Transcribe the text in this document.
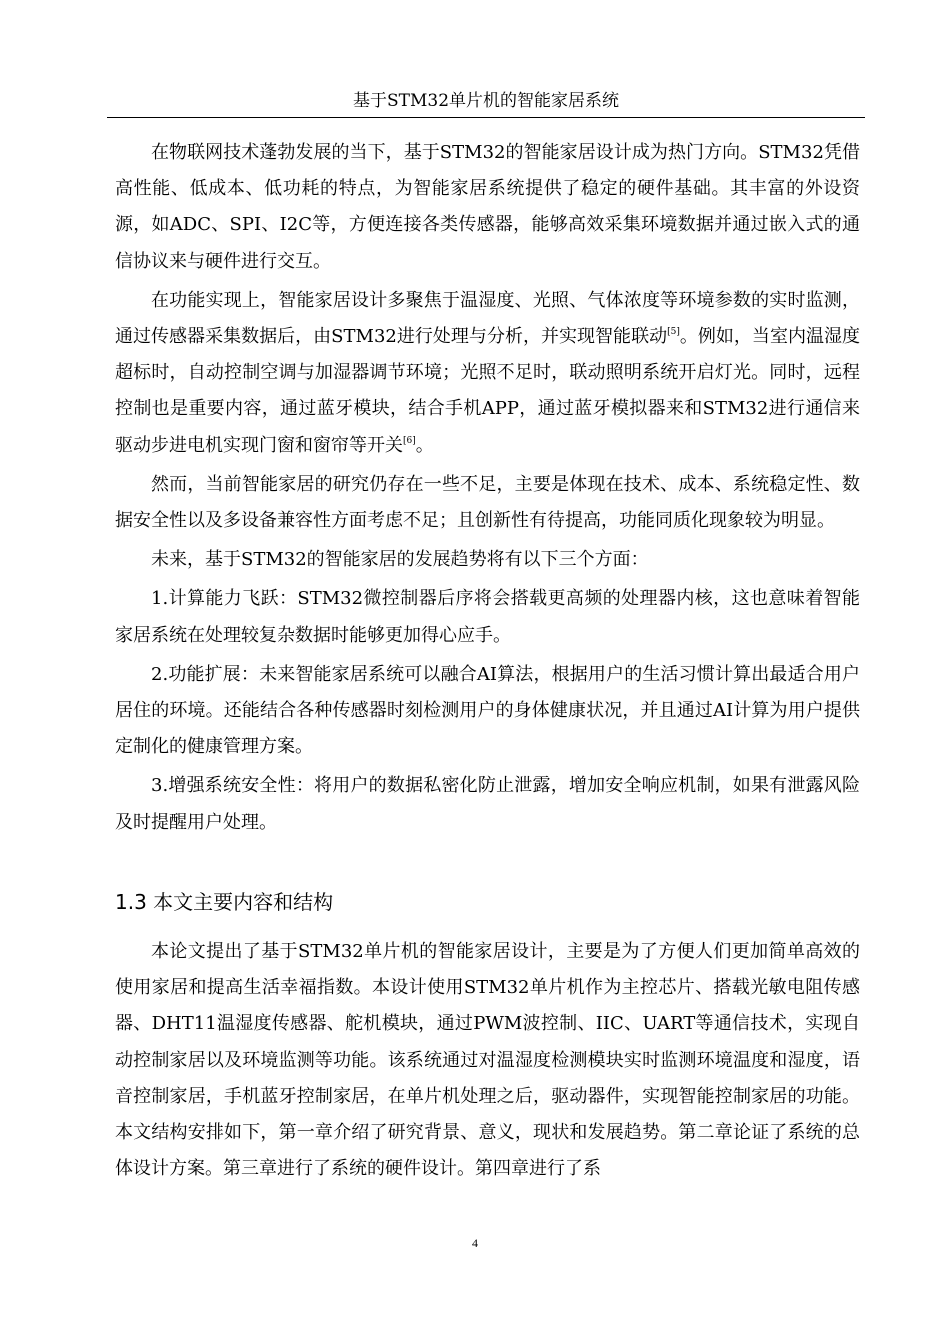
基于STM32单片机的智能家居系统

在物联网技术蓬勃发展的当下，基于STM32的智能家居设计成为热门方向。STM32凭借高性能、低成本、低功耗的特点，为智能家居系统提供了稳定的硬件基础。其丰富的外设资源，如ADC、SPI、I2C等，方便连接各类传感器，能够高效采集环境数据并通过嵌入式的通信协议来与硬件进行交互。

在功能实现上，智能家居设计多聚焦于温湿度、光照、气体浓度等环境参数的实时监测，通过传感器采集数据后，由STM32进行处理与分析，并实现智能联动[5]。例如，当室内温湿度超标时，自动控制空调与加湿器调节环境；光照不足时，联动照明系统开启灯光。同时，远程控制也是重要内容，通过蓝牙模块，结合手机APP，通过蓝牙模拟器来和STM32进行通信来驱动步进电机实现门窗和窗帘等开关[6]。

然而，当前智能家居的研究仍存在一些不足，主要是体现在技术、成本、系统稳定性、数据安全性以及多设备兼容性方面考虑不足；且创新性有待提高，功能同质化现象较为明显。

未来，基于STM32的智能家居的发展趋势将有以下三个方面：

1.计算能力飞跃：STM32微控制器后序将会搭载更高频的处理器内核，这也意味着智能家居系统在处理较复杂数据时能够更加得心应手。

2.功能扩展：未来智能家居系统可以融合AI算法，根据用户的生活习惯计算出最适合用户居住的环境。还能结合各种传感器时刻检测用户的身体健康状况，并且通过AI计算为用户提供定制化的健康管理方案。

3.增强系统安全性：将用户的数据私密化防止泄露，增加安全响应机制，如果有泄露风险及时提醒用户处理。

1.3 本文主要内容和结构

本论文提出了基于STM32单片机的智能家居设计，主要是为了方便人们更加简单高效的使用家居和提高生活幸福指数。本设计使用STM32单片机作为主控芯片、搭载光敏电阻传感器、DHT11温湿度传感器、舵机模块，通过PWM波控制、IIC、UART等通信技术，实现自动控制家居以及环境监测等功能。该系统通过对温湿度检测模块实时监测环境温度和湿度，语音控制家居，手机蓝牙控制家居，在单片机处理之后，驱动器件，实现智能控制家居的功能。本文结构安排如下，第一章介绍了研究背景、意义，现状和发展趋势。第二章论证了系统的总体设计方案。第三章进行了系统的硬件设计。第四章进行了系

4
